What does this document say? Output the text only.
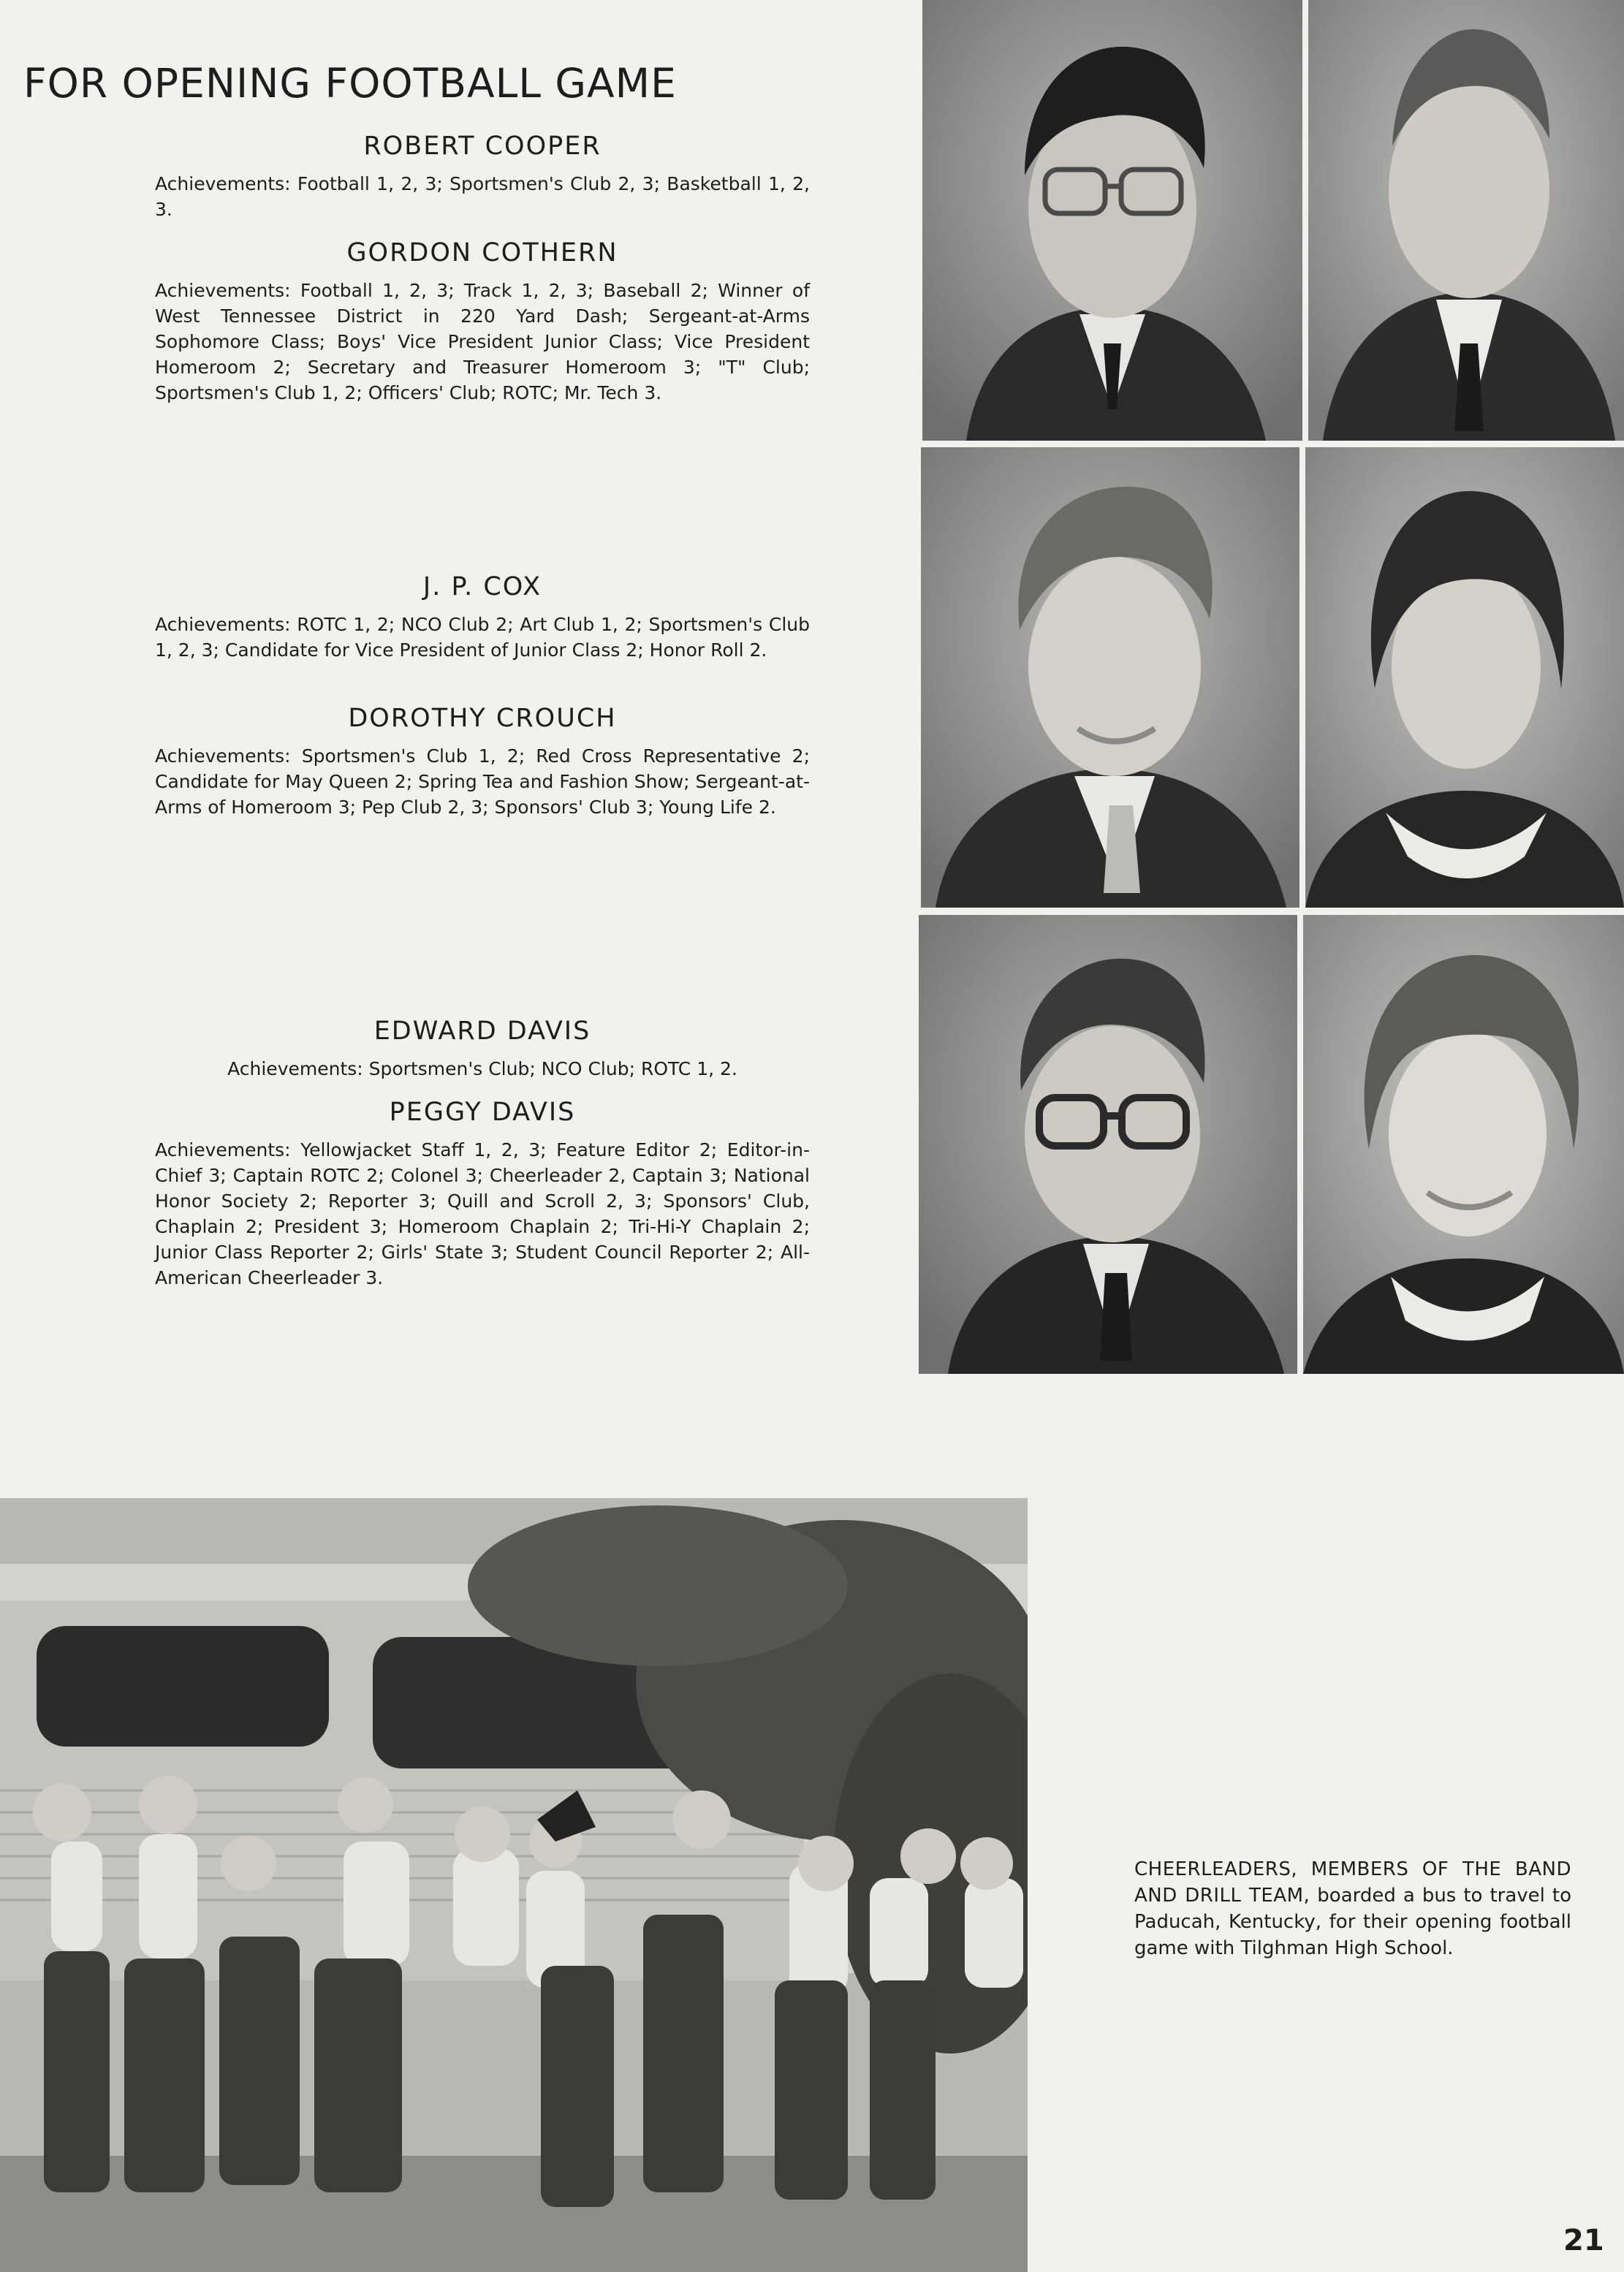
FOR OPENING FOOTBALL GAME

ROBERT COOPER

Achievements: Football 1, 2, 3; Sportsmen's Club 2, 3; Basketball 1, 2, 3.

GORDON COTHERN

Achievements: Football 1, 2, 3; Track 1, 2, 3; Baseball 2; Winner of West Tennessee District in 220 Yard Dash; Sergeant-at-Arms Sophomore Class; Boys' Vice President Junior Class; Vice President Homeroom 2; Secretary and Treasurer Homeroom 3; "T" Club; Sportsmen's Club 1, 2; Officers' Club; ROTC; Mr. Tech 3.

J. P. COX

Achievements: ROTC 1, 2; NCO Club 2; Art Club 1, 2; Sportsmen's Club 1, 2, 3; Candidate for Vice President of Junior Class 2; Honor Roll 2.

DOROTHY CROUCH

Achievements: Sportsmen's Club 1, 2; Red Cross Representative 2; Candidate for May Queen 2; Spring Tea and Fashion Show; Sergeant-at-Arms of Homeroom 3; Pep Club 2, 3; Sponsors' Club 3; Young Life 2.

EDWARD DAVIS

Achievements: Sportsmen's Club; NCO Club; ROTC 1, 2.

PEGGY DAVIS

Achievements: Yellowjacket Staff 1, 2, 3; Feature Editor 2; Editor-in-Chief 3; Captain ROTC 2; Colonel 3; Cheerleader 2, Captain 3; National Honor Society 2; Reporter 3; Quill and Scroll 2, 3; Sponsors' Club, Chaplain 2; President 3; Homeroom Chaplain 2; Tri-Hi-Y Chaplain 2; Junior Class Reporter 2; Girls' State 3; Student Council Reporter 2; All-American Cheerleader 3.

CHEERLEADERS, MEMBERS OF THE BAND AND DRILL TEAM, boarded a bus to travel to Paducah, Kentucky, for their opening football game with Tilghman High School.

21
